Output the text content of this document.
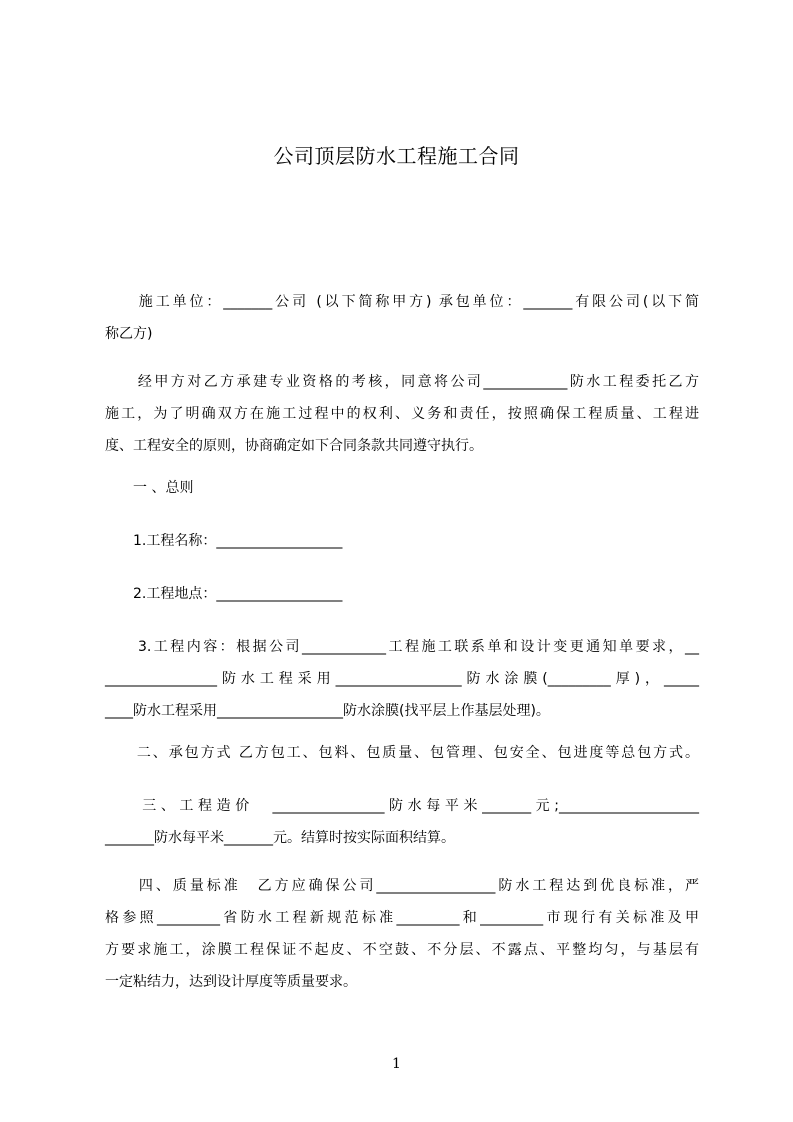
公司顶层防水工程施工合同
　　施工单位：_______公司 (以下简称甲方) 承包单位：_______有限公司(以下简
称乙方)
　　经甲方对乙方承建专业资格的考核，同意将公司____________防水工程委托乙方
施工，为了明确双方在施工过程中的权利、义务和责任，按照确保工程质量、工程进
度、工程安全的原则，协商确定如下合同条款共同遵守执行。
　　一 、总则
　　1.工程名称：__________________
　　2.工程地点：__________________
　　3.工程内容：根据公司____________工程施工联系单和设计变更通知单要求，__
________________防水工程采用__________________防水涂膜(_________厚)，_____
____防水工程采用__________________防水涂膜(找平层上作基层处理)。
　　二、承包方式 乙方包工、包料、包质量、包管理、包安全、包进度等总包方式。
　　三、工程造价　________________防水每平米_______元;____________________
_______防水每平米_______元。结算时按实际面积结算。
　　四、质量标准　乙方应确保公司_________________防水工程达到优良标准，严
格参照_________省防水工程新规范标准_________和_________市现行有关标准及甲
方要求施工，涂膜工程保证不起皮、不空鼓、不分层、不露点、平整均匀，与基层有
一定粘结力，达到设计厚度等质量要求。
1
